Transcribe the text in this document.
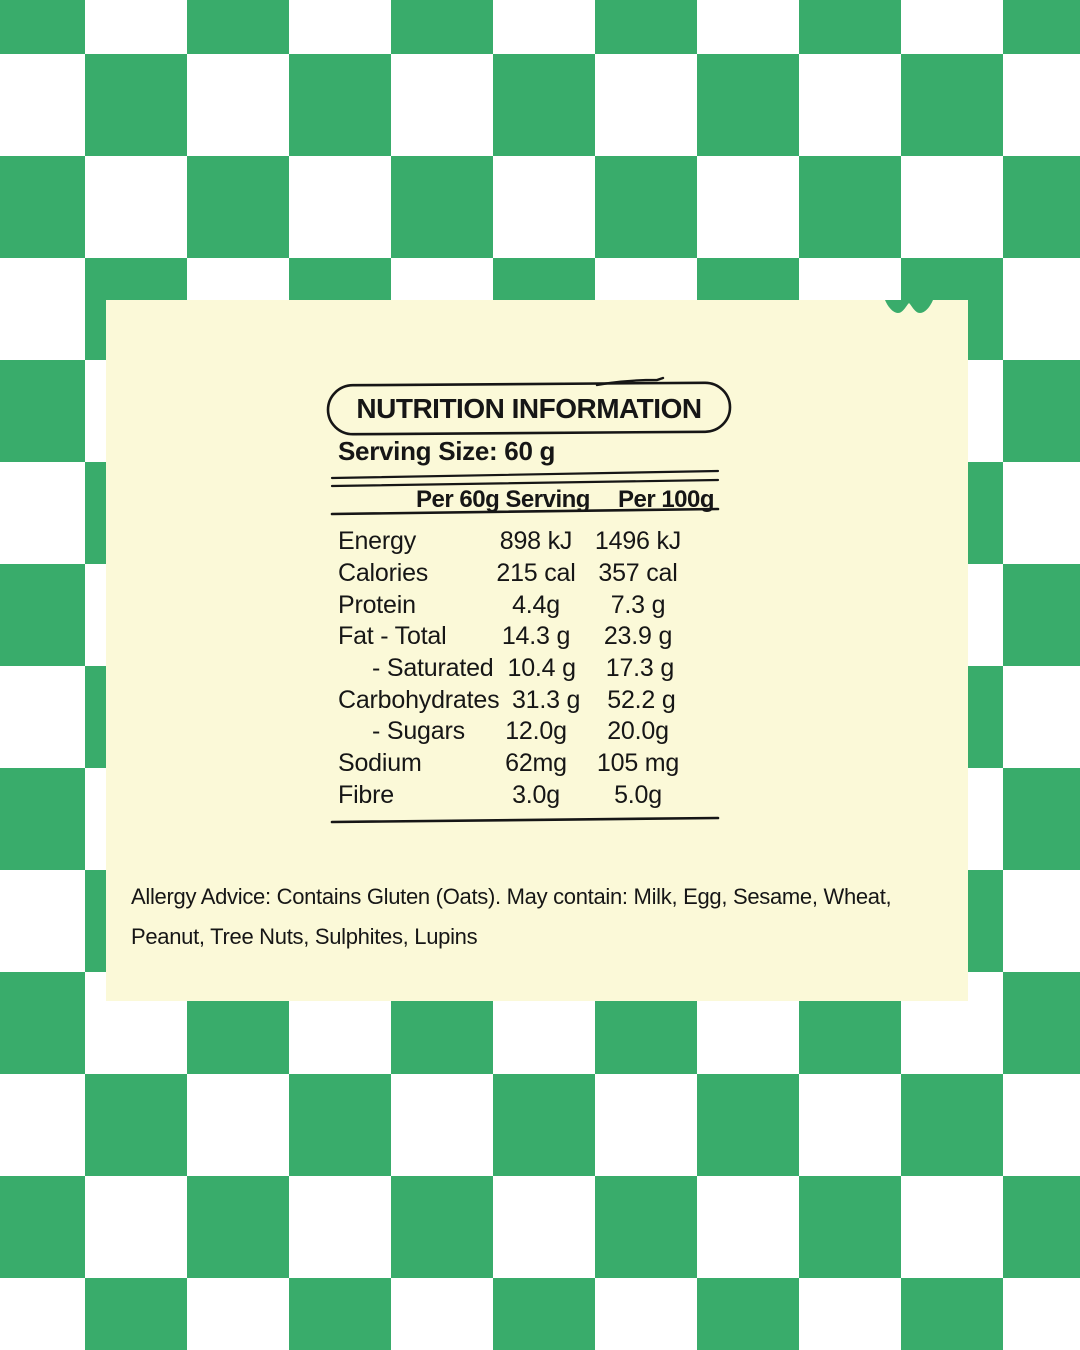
NUTRITION INFORMATION
Serving Size: 60 g
Per 60g Serving Per 100g
Energy	898 kJ 1496 kJ
Calories	215 cal 357 cal
Protein	4.4g	7.3 g
Fat - Total	14.3 g	23.9 g
- Saturated 10.4 g	17.3 g
Carbohydrates 31.3 g	52.2 g
- Sugars	12.0g	20.0g
Sodium	62mg	105 mg
Fibre	3.0g	5.0g
Allergy Advice: Contains Gluten (Oats). May contain: Milk, Egg, Sesame, Wheat,
Peanut, Tree Nuts, Sulphites, Lupins
